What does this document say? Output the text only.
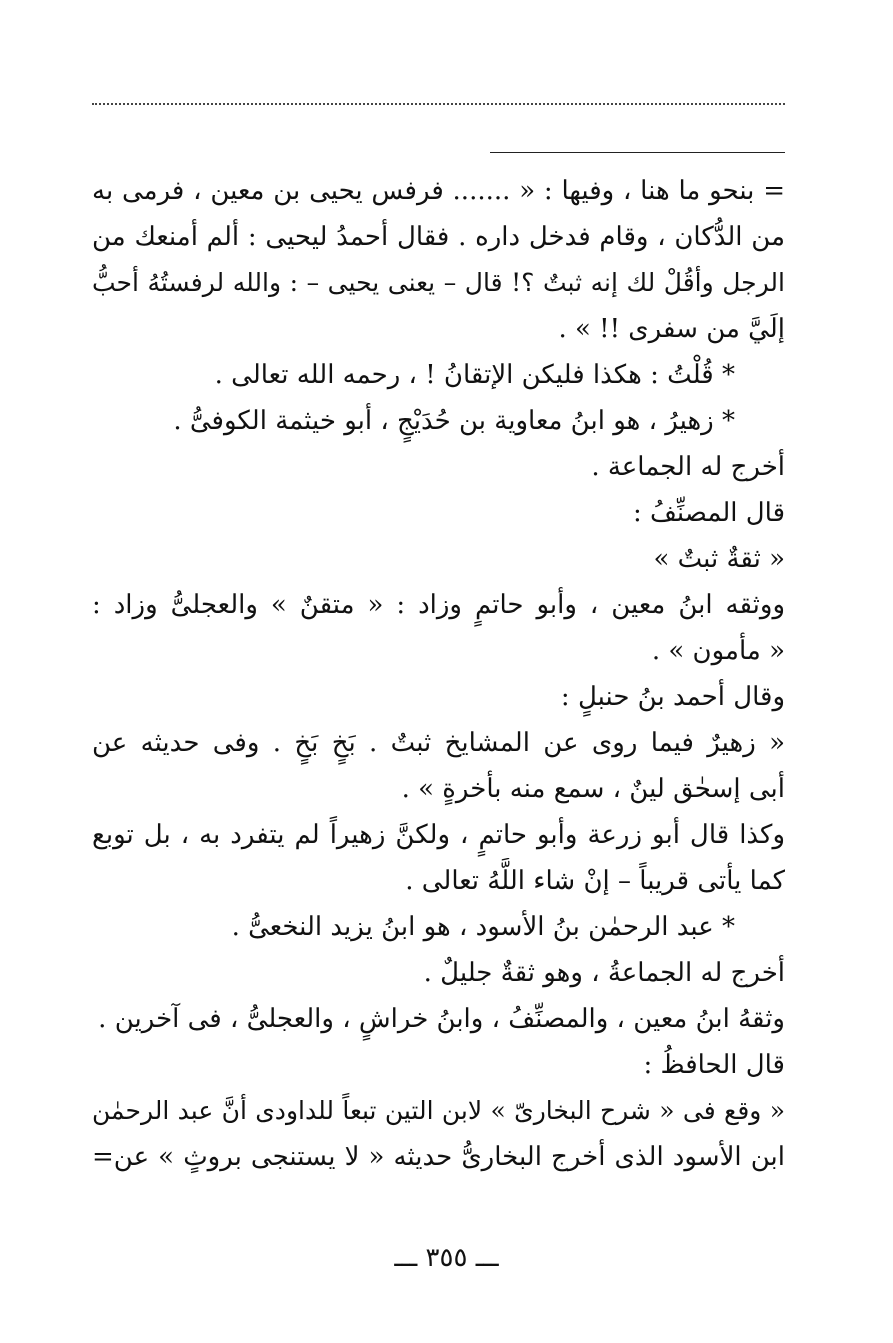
= بنحو ما هنا ، وفيها : « ....... فرفس يحيى بن معين ، فرمى به
من الدُّكان ، وقام فدخل داره . فقال أحمدُ ليحيى : ألم أمنعك من
الرجل وأقُلْ لك إنه ثبتٌ ؟! قال – يعنى يحيى – : والله لرفستُهُ أحبُّ
إلَيَّ من سفرى !! » .
* قُلْتُ : هكذا فليكن الإتقانُ ! ، رحمه الله تعالى .
* زهيرُ ، هو ابنُ معاوية بن حُدَيْجٍ ، أبو خيثمة الكوفىُّ .
أخرج له الجماعة .
قال المصنِّفُ :
« ثقةٌ ثبتٌ »
ووثقه ابنُ معين ، وأبو حاتمٍ وزاد : « متقنٌ » والعجلىُّ وزاد :
« مأمون » .
وقال أحمد بنُ حنبلٍ :
« زهيرٌ فيما روى عن المشايخ ثبتٌ . بَخٍ بَخٍ . وفى حديثه عن
أبى إسحٰق لينٌ ، سمع منه بأخرةٍ » .
وكذا قال أبو زرعة وأبو حاتمٍ ، ولكنَّ زهيراً لم يتفرد به ، بل توبع
كما يأتى قريباً – إنْ شاء اللَّهُ تعالى .
* عبد الرحمٰن بنُ الأسود ، هو ابنُ يزيد النخعىُّ .
أخرج له الجماعةُ ، وهو ثقةٌ جليلٌ .
وثقهُ ابنُ معين ، والمصنِّفُ ، وابنُ خراشٍ ، والعجلىُّ ، فى آخرين .
قال الحافظُ :
« وقع فى « شرح البخارىّ » لابن التين تبعاً للداودى أنَّ عبد الرحمٰن
ابن الأسود الذى أخرج البخارىُّ حديثه « لا يستنجى بروثٍ » عن=
ـــ ٣٥٥ ـــ
